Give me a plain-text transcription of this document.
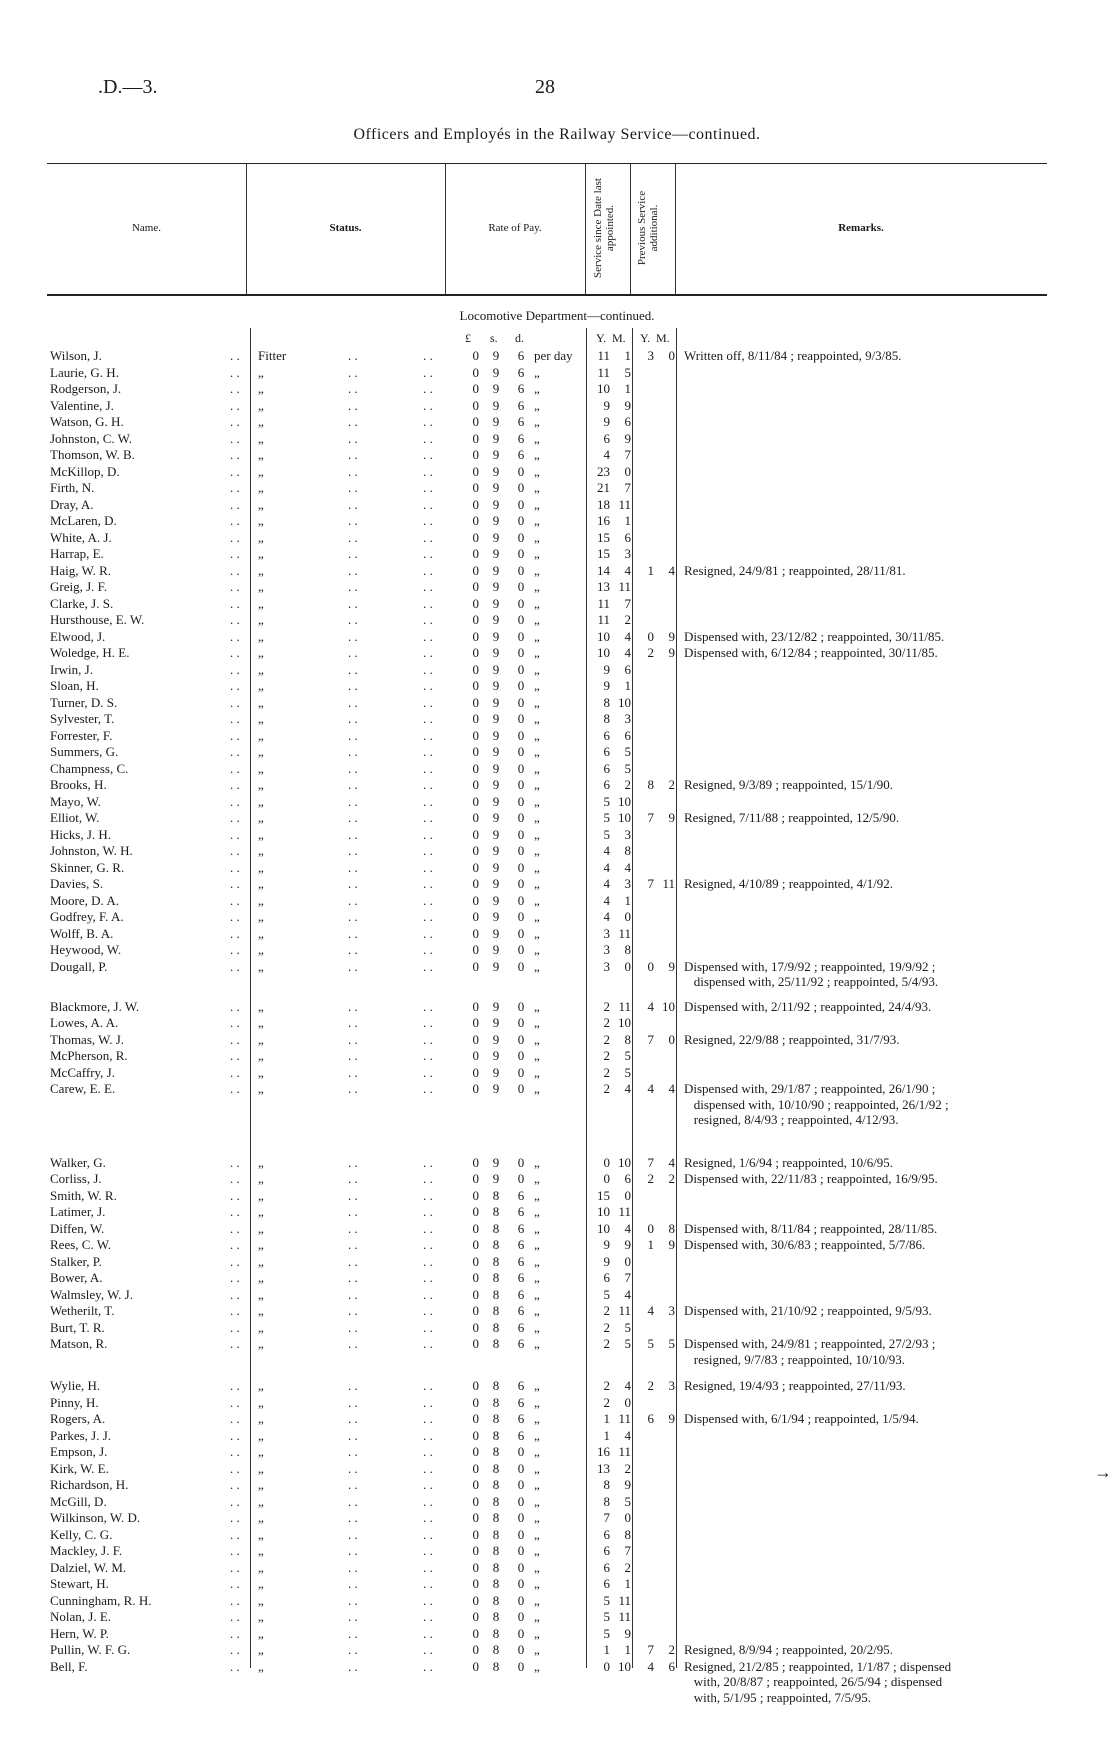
.D.—3.	28
Officers and Employés in the Railway Service—continued.
Name.	Status.	Rate of Pay.	Service since Date last appointed. Previous Service additional.	Remarks.
Locomotive Department—continued.
£ s. d.	Y. M. Y. M.
Wilson, J.	. . Fitter	. .	. .	0	9	6 per day	11	1	3	0 Written off, 8/11/84 ; reappointed, 9/3/85.
Laurie, G. H.	. . „	. .	. .	0	9	6 „	11	5
Rodgerson, J.	. . „	. .	. .	0	9	6 „	10	1
Valentine, J.	. . „	. .	. .	0	9	6 „	9	9
Watson, G. H.	. . „	. .	. .	0	9	6 „	9	6
Johnston, C. W.	. . „	. .	. .	0	9	6 „	6	9
Thomson, W. B.	. . „	. .	. .	0	9	6 „	4	7
McKillop, D.	. . „	. .	. .	0	9	0 „	23	0
Firth, N.	. . „	. .	. .	0	9	0 „	21	7
Dray, A.	. . „	. .	. .	0	9	0 „	18 11
McLaren, D.	. . „	. .	. .	0	9	0 „	16	1
White, A. J.	. . „	. .	. .	0	9	0 „	15	6
Harrap, E.	. . „	. .	. .	0	9	0 „	15	3
Haig, W. R.	. . „	. .	. .	0	9	0 „	14	4	1	4 Resigned, 24/9/81 ; reappointed, 28/11/81.
Greig, J. F.	. . „	. .	. .	0	9	0 „	13 11
Clarke, J. S.	. . „	. .	. .	0	9	0 „	11	7
Hursthouse, E. W.	. . „	. .	. .	0	9	0 „	11	2
Elwood, J.	. . „	. .	. .	0	9	0 „	10	4	0	9 Dispensed with, 23/12/82 ; reappointed, 30/11/85.
Woledge, H. E.	. . „	. .	. .	0	9	0 „	10	4	2	9 Dispensed with, 6/12/84 ; reappointed, 30/11/85.
Irwin, J.	. . „	. .	. .	0	9	0 „	9	6
Sloan, H.	. . „	. .	. .	0	9	0 „	9	1
Turner, D. S.	. . „	. .	. .	0	9	0 „	8 10
Sylvester, T.	. . „	. .	. .	0	9	0 „	8	3
Forrester, F.	. . „	. .	. .	0	9	0 „	6	6
Summers, G.	. . „	. .	. .	0	9	0 „	6	5
Champness, C.	. . „	. .	. .	0	9	0 „	6	5
Brooks, H.	. . „	. .	. .	0	9	0 „	6	2	8	2 Resigned, 9/3/89 ; reappointed, 15/1/90.
Mayo, W.	. . „	. .	. .	0	9	0 „	5 10
Elliot, W.	. . „	. .	. .	0	9	0 „	5 10	7	9 Resigned, 7/11/88 ; reappointed, 12/5/90.
Hicks, J. H.	. . „	. .	. .	0	9	0 „	5	3
Johnston, W. H.	. . „	. .	. .	0	9	0 „	4	8
Skinner, G. R.	. . „	. .	. .	0	9	0 „	4	4
Davies, S.	. . „	. .	. .	0	9	0 „	4	3	7 11 Resigned, 4/10/89 ; reappointed, 4/1/92.
Moore, D. A.	. . „	. .	. .	0	9	0 „	4	1
Godfrey, F. A.	. . „	. .	. .	0	9	0 „	4	0
Wolff, B. A.	. . „	. .	. .	0	9	0 „	3 11
Heywood, W.	. . „	. .	. .	0	9	0 „	3	8
Dougall, P.	. . „	. .	. .	0	9	0 „	3	0	0	9 Dispensed with, 17/9/92 ; reappointed, 19/9/92 ;
dispensed with, 25/11/92 ; reappointed, 5/4/93.
Blackmore, J. W.	. . „	. .	. .	0	9	0 „	2 11	4 10 Dispensed with, 2/11/92 ; reappointed, 24/4/93.
Lowes, A. A.	. . „	. .	. .	0	9	0 „	2 10
Thomas, W. J.	. . „	. .	. .	0	9	0 „	2	8	7	0 Resigned, 22/9/88 ; reappointed, 31/7/93.
McPherson, R.	. . „	. .	. .	0	9	0 „	2	5
McCaffry, J.	. . „	. .	. .	0	9	0 „	2	5
Carew, E. E.	. . „	. .	. .	0	9	0 „	2	4	4	4 Dispensed with, 29/1/87 ; reappointed, 26/1/90 ;
dispensed with, 10/10/90 ; reappointed, 26/1/92 ;
resigned, 8/4/93 ; reappointed, 4/12/93.
Walker, G.	. . „	. .	. .	0	9	0 „	0 10	7	4 Resigned, 1/6/94 ; reappointed, 10/6/95.
Corliss, J.	. . „	. .	. .	0	9	0 „	0	6	2	2 Dispensed with, 22/11/83 ; reappointed, 16/9/95.
Smith, W. R.	. . „	. .	. .	0	8	6 „	15	0
Latimer, J.	. . „	. .	. .	0	8	6 „	10 11
Diffen, W.	. . „	. .	. .	0	8	6 „	10	4	0	8 Dispensed with, 8/11/84 ; reappointed, 28/11/85.
Rees, C. W.	. . „	. .	. .	0	8	6 „	9	9	1	9 Dispensed with, 30/6/83 ; reappointed, 5/7/86.
Stalker, P.	. . „	. .	. .	0	8	6 „	9	0
Bower, A.	. . „	. .	. .	0	8	6 „	6	7
Walmsley, W. J.	. . „	. .	. .	0	8	6 „	5	4
Wetherilt, T.	. . „	. .	. .	0	8	6 „	2 11	4	3 Dispensed with, 21/10/92 ; reappointed, 9/5/93.
Burt, T. R.	. . „	. .	. .	0	8	6 „	2	5
Matson, R.	. . „	. .	. .	0	8	6 „	2	5	5	5 Dispensed with, 24/9/81 ; reappointed, 27/2/93 ;
resigned, 9/7/83 ; reappointed, 10/10/93.
Wylie, H.	. . „	. .	. .	0	8	6 „	2	4	2	3 Resigned, 19/4/93 ; reappointed, 27/11/93.
Pinny, H.	. . „	. .	. .	0	8	6 „	2	0
Rogers, A.	. . „	. .	. .	0	8	6 „	1 11	6	9 Dispensed with, 6/1/94 ; reappointed, 1/5/94.
Parkes, J. J.	. . „	. .	. .	0	8	6 „	1	4
Empson, J.	. . „	. .	. .	0	8	0 „	16 11
Kirk, W. E.	. . „	. .	. .	0	8	0 „	13	2
Richardson, H.	. . „	. .	. .	0	8	0 „	8	9
McGill, D.	. . „	. .	. .	0	8	0 „	8	5
Wilkinson, W. D.	. . „	. .	. .	0	8	0 „	7	0
Kelly, C. G.	. . „	. .	. .	0	8	0 „	6	8
Mackley, J. F.	. . „	. .	. .	0	8	0 „	6	7
Dalziel, W. M.	. . „	. .	. .	0	8	0 „	6	2
Stewart, H.	. . „	. .	. .	0	8	0 „	6	1
Cunningham, R. H.	. . „	. .	. .	0	8	0 „	5 11
Nolan, J. E.	. . „	. .	. .	0	8	0 „	5 11
Hern, W. P.	. . „	. .	. .	0	8	0 „	5	9
Pullin, W. F. G.	. . „	. .	. .	0	8	0 „	1	1	7	2 Resigned, 8/9/94 ; reappointed, 20/2/95.
Bell, F.	. . „	. .	. .	0	8	0 „	0 10	4	6 Resigned, 21/2/85 ; reappointed, 1/1/87 ; dispensed
with, 20/8/87 ; reappointed, 26/5/94 ; dispensed
with, 5/1/95 ; reappointed, 7/5/95.
→
